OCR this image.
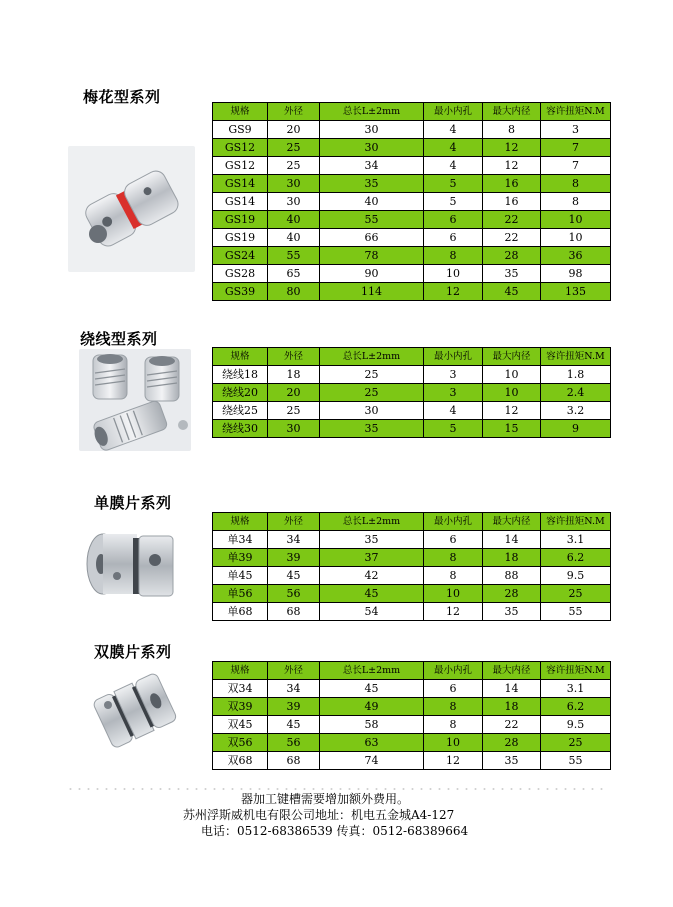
梅花型系列
规格	外径	总长L±2mm	最小内孔	最大内径	容许扭矩N.M
GS9	20	30	4	8	3
GS12	25	30	4	12	7
GS12	25	34	4	12	7
GS14	30	35	5	16	8
GS14	30	40	5	16	8
GS19	40	55	6	22	10
GS19	40	66	6	22	10
GS24	55	78	8	28	36
GS28	65	90	10	35	98
GS39	80	114	12	45	135
绕线型系列
规格	外径	总长L±2mm	最小内孔	最大内径	容许扭矩N.M
绕线18	18	25	3	10	1.8
绕线20	20	25	3	10	2.4
绕线25	25	30	4	12	3.2
绕线30	30	35	5	15	9
单膜片系列
规格	外径	总长L±2mm	最小内孔	最大内径	容许扭矩N.M
单34	34	35	6	14	3.1
单39	39	37	8	18	6.2
单45	45	42	8	88	9.5
单56	56	45	10	28	25
单68	68	54	12	35	55
双膜片系列
规格	外径	总长L±2mm	最小内孔	最大内径	容许扭矩N.M
双34	34	45	6	14	3.1
双39	39	49	8	18	6.2
双45	45	58	8	22	9.5
双56	56	63	10	28	25
双68	68	74	12	35	55
器加工键槽需要增加额外费用。
苏州浮斯威机电有限公司地址：机电五金城A4-127
电话：0512-68386539 传真：0512-68389664
